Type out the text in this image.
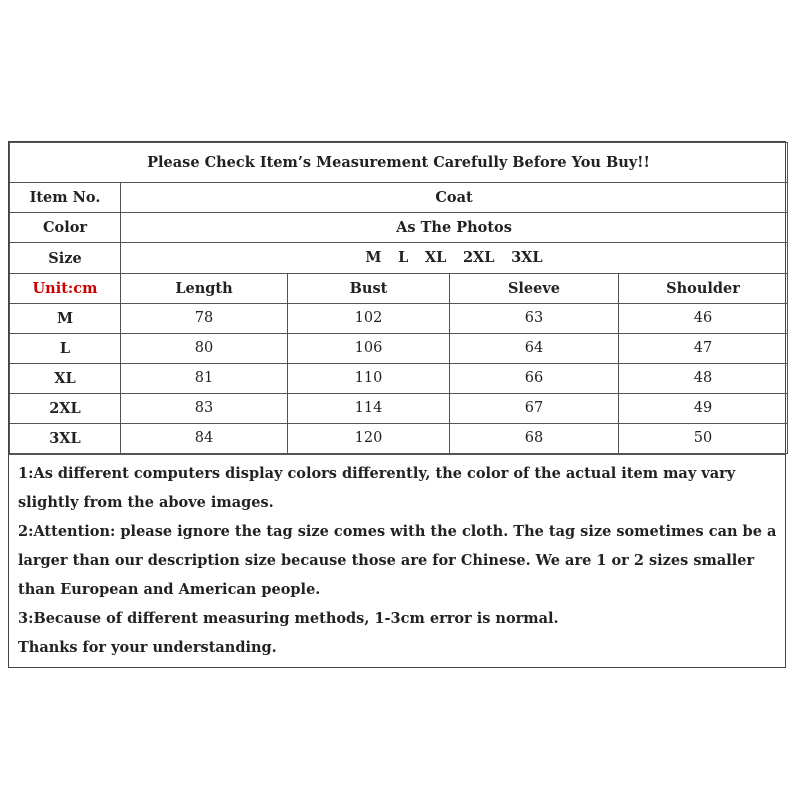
Please Check Item’s Measurement Carefully Before You Buy!!				
Item No.	Coat			
Color	As The Photos			
Size	M L XL 2XL 3XL			
Unit:cm	Length	Bust	Sleeve	Shoulder
M	78	102	63	46
L	80	106	64	47
XL	81	110	66	48
2XL	83	114	67	49
3XL	84	120	68	50

1:As different computers display colors differently, the color of the actual item may vary slightly from the above images.

2:Attention: please ignore the tag size comes with the cloth. The tag size sometimes can be a larger than our description size because those are for Chinese. We are 1 or 2 sizes smaller than European and American people.

3:Because of different measuring methods, 1-3cm error is normal.

Thanks for your understanding.
